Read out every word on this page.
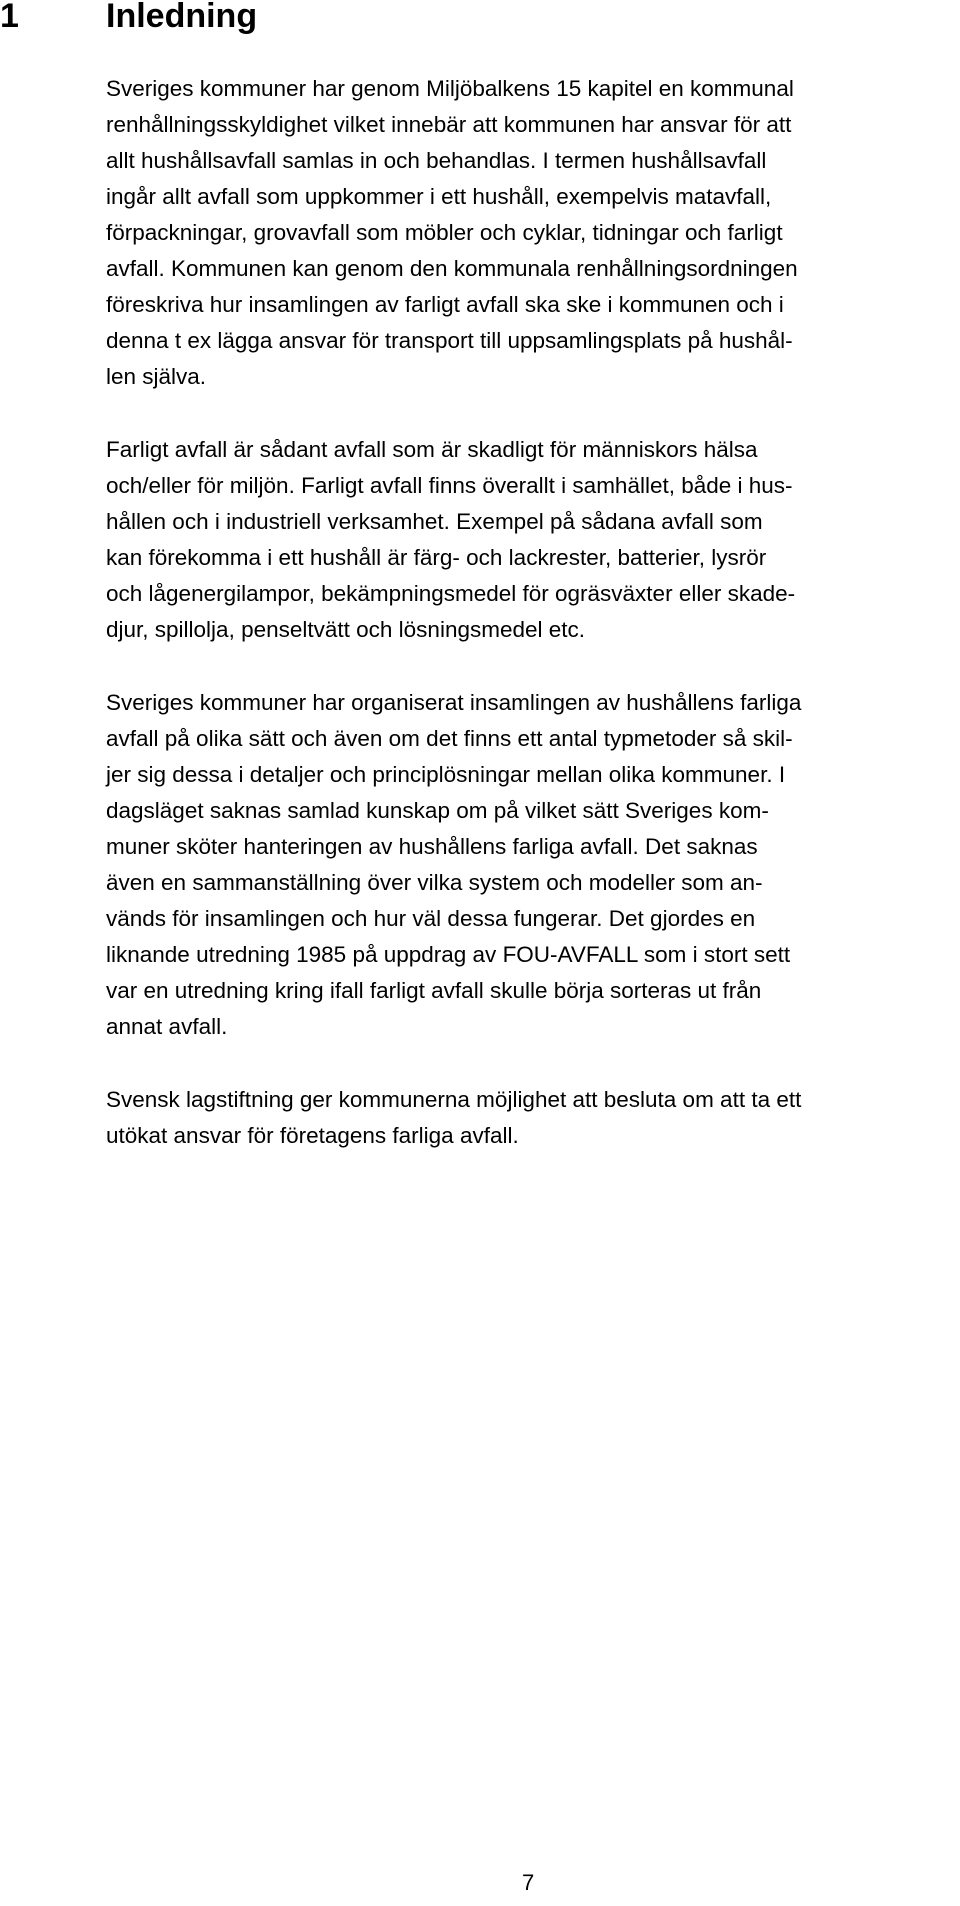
1	Inledning

Sveriges kommuner har genom Miljöbalkens 15 kapitel en kommunal
renhållningsskyldighet vilket innebär att kommunen har ansvar för att
allt hushållsavfall samlas in och behandlas. I termen hushållsavfall
ingår allt avfall som uppkommer i ett hushåll, exempelvis matavfall,
förpackningar, grovavfall som möbler och cyklar, tidningar och farligt
avfall. Kommunen kan genom den kommunala renhållningsordningen
föreskriva hur insamlingen av farligt avfall ska ske i kommunen och i
denna t ex lägga ansvar för transport till uppsamlingsplats på hushål-
len själva.

Farligt avfall är sådant avfall som är skadligt för människors hälsa
och/eller för miljön. Farligt avfall finns överallt i samhället, både i hus-
hållen och i industriell verksamhet. Exempel på sådana avfall som
kan förekomma i ett hushåll är färg- och lackrester, batterier, lysrör
och lågenergilampor, bekämpningsmedel för ogräsväxter eller skade-
djur, spillolja, penseltvätt och lösningsmedel etc.

Sveriges kommuner har organiserat insamlingen av hushållens farliga
avfall på olika sätt och även om det finns ett antal typmetoder så skil-
jer sig dessa i detaljer och principlösningar mellan olika kommuner. I
dagsläget saknas samlad kunskap om på vilket sätt Sveriges kom-
muner sköter hanteringen av hushållens farliga avfall. Det saknas
även en sammanställning över vilka system och modeller som an-
vänds för insamlingen och hur väl dessa fungerar. Det gjordes en
liknande utredning 1985 på uppdrag av FOU-AVFALL som i stort sett
var en utredning kring ifall farligt avfall skulle börja sorteras ut från
annat avfall.

Svensk lagstiftning ger kommunerna möjlighet att besluta om att ta ett
utökat ansvar för företagens farliga avfall.

7
